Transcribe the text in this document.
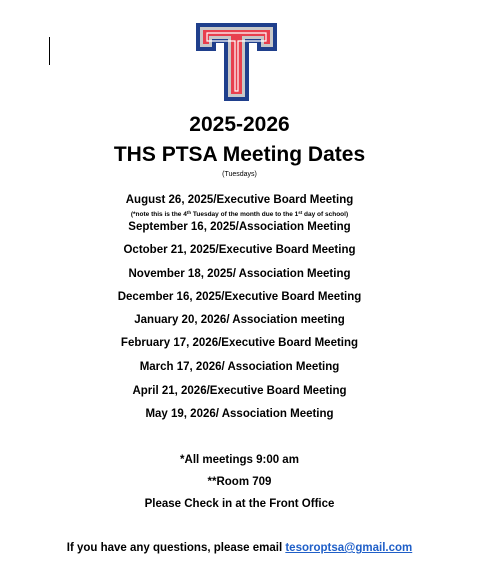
2025-2026
THS PTSA Meeting Dates
(Tuesdays)
August 26, 2025/Executive Board Meeting
(*note this is the 4th Tuesday of the month due to the 1st day of school)
September 16, 2025/Association Meeting
October 21, 2025/Executive Board Meeting
November 18, 2025/ Association Meeting
December 16, 2025/Executive Board Meeting
January 20, 2026/ Association meeting
February 17, 2026/Executive Board Meeting
March 17, 2026/ Association Meeting
April 21, 2026/Executive Board Meeting
May 19, 2026/ Association Meeting
*All meetings 9:00 am
**Room 709
Please Check in at the Front Office
If you have any questions, please email tesoroptsa@gmail.com
